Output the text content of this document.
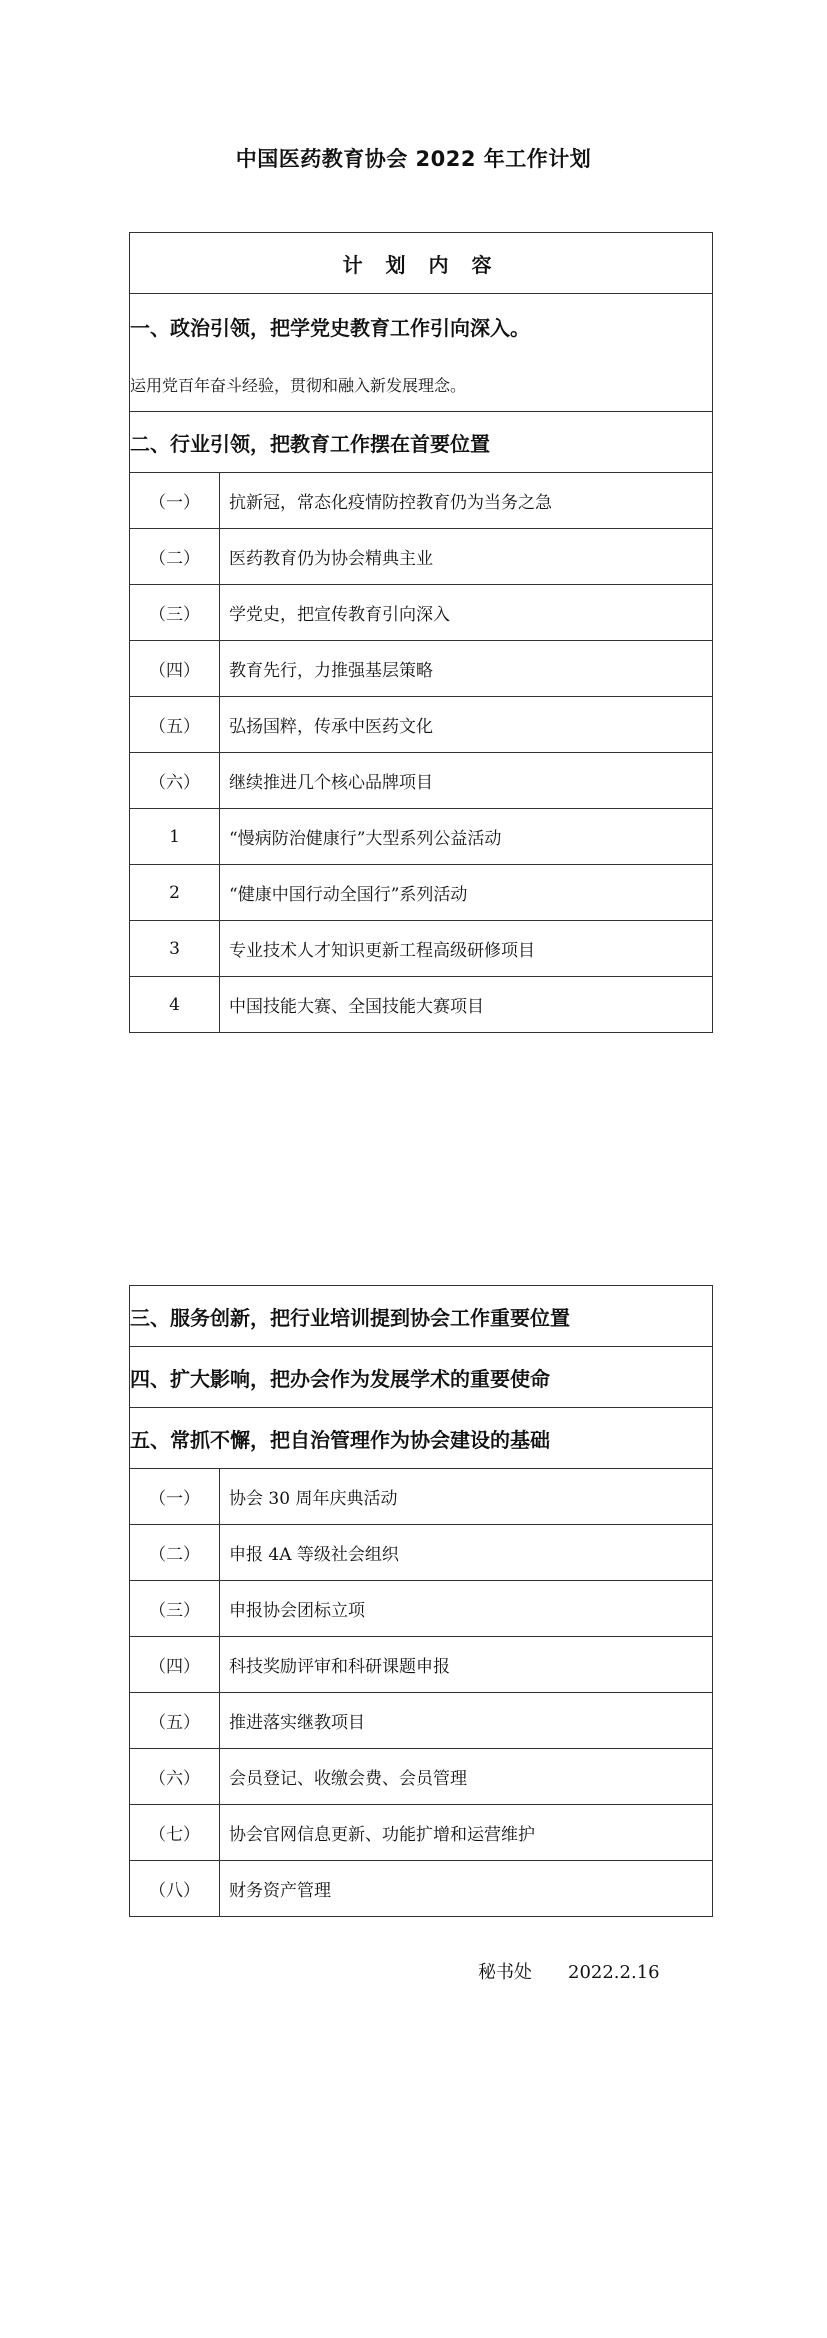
中国医药教育协会 2022 年工作计划
计 划 内 容	

一、政治引领，把学党史教育工作引向深入。
运用党百年奋斗经验，贯彻和融入新发展理念。	

二、行业引领，把教育工作摆在首要位置	
（一）	抗新冠，常态化疫情防控教育仍为当务之急
（二）	医药教育仍为协会精典主业
（三）	学党史，把宣传教育引向深入
（四）	教育先行，力推强基层策略
（五）	弘扬国粹，传承中医药文化
（六）	继续推进几个核心品牌项目
1	“慢病防治健康行”大型系列公益活动
2	“健康中国行动全国行”系列活动
3	专业技术人才知识更新工程高级研修项目
4	中国技能大赛、全国技能大赛项目
三、服务创新，把行业培训提到协会工作重要位置	
四、扩大影响，把办会作为发展学术的重要使命	
五、常抓不懈，把自治管理作为协会建设的基础	
（一）	协会 30 周年庆典活动
（二）	申报 4A 等级社会组织
（三）	申报协会团标立项
（四）	科技奖励评审和科研课题申报
（五）	推进落实继教项目
（六）	会员登记、收缴会费、会员管理
（七）	协会官网信息更新、功能扩增和运营维护
（八）	财务资产管理
秘书处 2022.2.16
